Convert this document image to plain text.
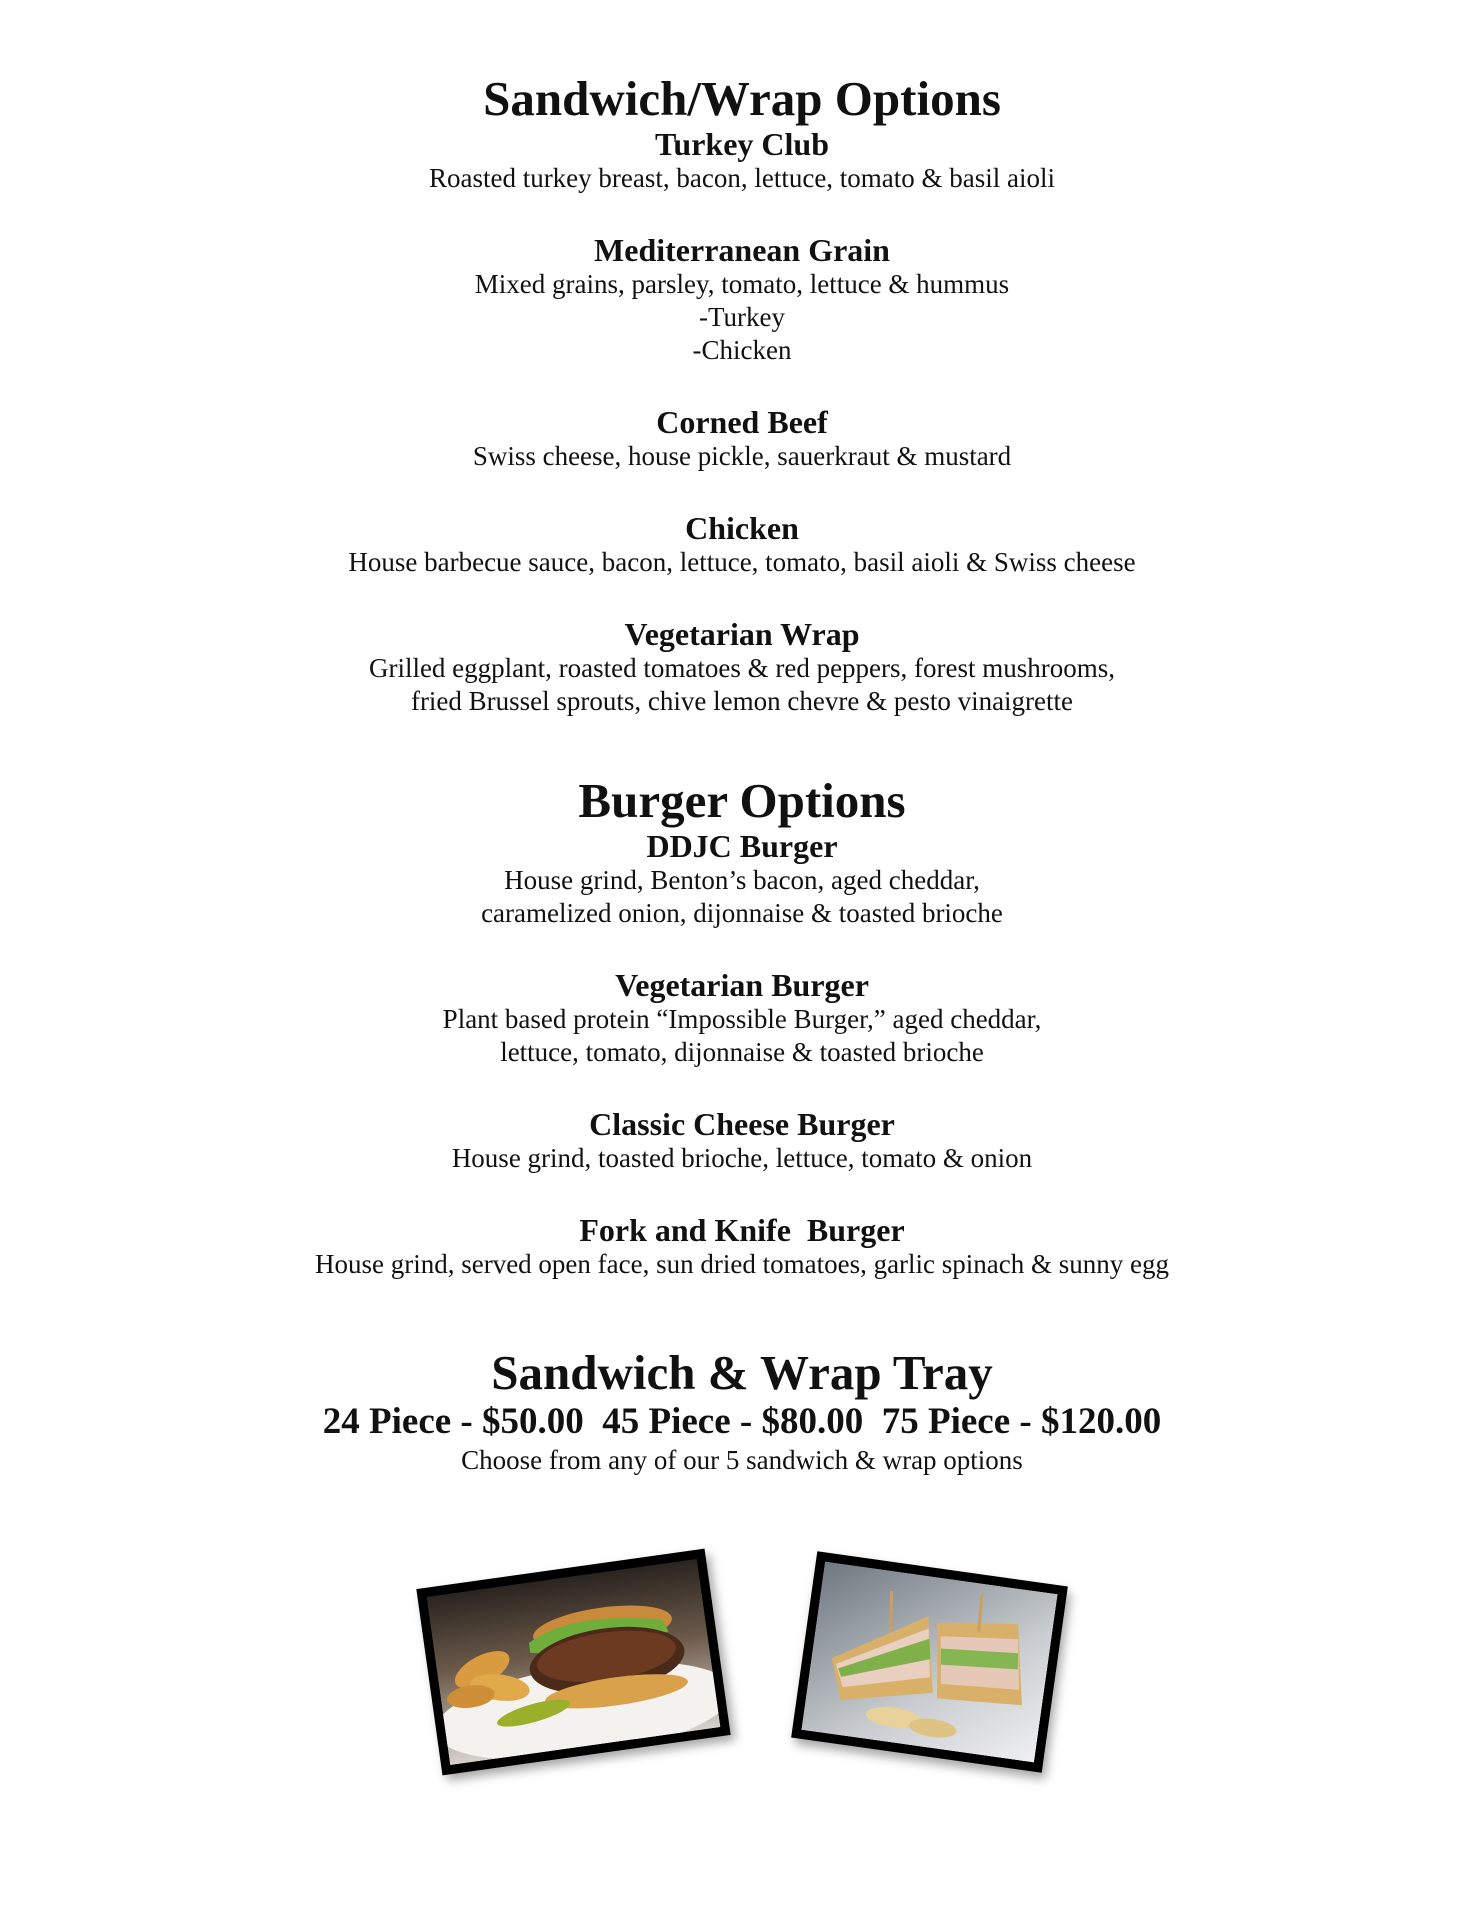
Sandwich/Wrap Options
Turkey Club
Roasted turkey breast, bacon, lettuce, tomato & basil aioli
Mediterranean Grain
Mixed grains, parsley, tomato, lettuce & hummus
-Turkey
-Chicken
Corned Beef
Swiss cheese, house pickle, sauerkraut & mustard
Chicken
House barbecue sauce, bacon, lettuce, tomato, basil aioli & Swiss cheese
Vegetarian Wrap
Grilled eggplant, roasted tomatoes & red peppers, forest mushrooms,
fried Brussel sprouts, chive lemon chevre & pesto vinaigrette
Burger Options
DDJC Burger
House grind, Benton’s bacon, aged cheddar,
caramelized onion, dijonnaise & toasted brioche
Vegetarian Burger
Plant based protein “Impossible Burger,” aged cheddar,
lettuce, tomato, dijonnaise & toasted brioche
Classic Cheese Burger
House grind, toasted brioche, lettuce, tomato & onion
Fork and Knife  Burger
House grind, served open face, sun dried tomatoes, garlic spinach & sunny egg
Sandwich & Wrap Tray
24 Piece - $50.00  45 Piece - $80.00  75 Piece - $120.00
Choose from any of our 5 sandwich & wrap options
